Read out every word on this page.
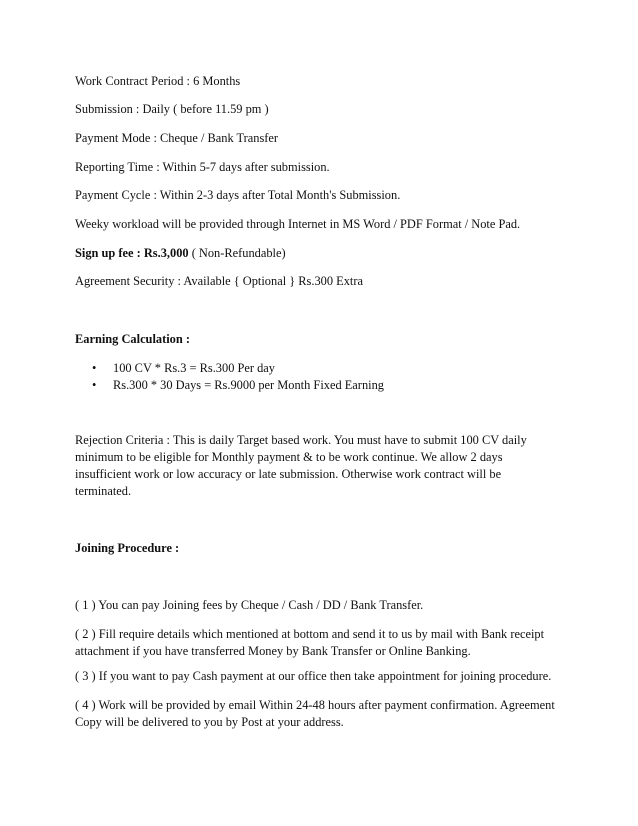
Work Contract Period : 6 Months
Submission : Daily ( before 11.59 pm )
Payment Mode : Cheque / Bank Transfer
Reporting Time : Within 5-7 days after submission.
Payment Cycle : Within 2-3 days after Total Month's Submission.
Weeky workload will be provided through Internet in MS Word / PDF Format / Note Pad.
Sign up fee : Rs.3,000 ( Non-Refundable)
Agreement Security : Available { Optional } Rs.300 Extra
Earning Calculation :
• 100 CV * Rs.3 = Rs.300 Per day
• Rs.300 * 30 Days = Rs.9000 per Month Fixed Earning
Rejection Criteria : This is daily Target based work. You must have to submit 100 CV daily
minimum to be eligible for Monthly payment & to be work continue. We allow 2 days
insufficient work or low accuracy or late submission. Otherwise work contract will be
terminated.
Joining Procedure :
( 1 ) You can pay Joining fees by Cheque / Cash / DD / Bank Transfer.
( 2 ) Fill require details which mentioned at bottom and send it to us by mail with Bank receipt
attachment if you have transferred Money by Bank Transfer or Online Banking.
( 3 ) If you want to pay Cash payment at our office then take appointment for joining procedure.
( 4 ) Work will be provided by email Within 24-48 hours after payment confirmation. Agreement
Copy will be delivered to you by Post at your address.
